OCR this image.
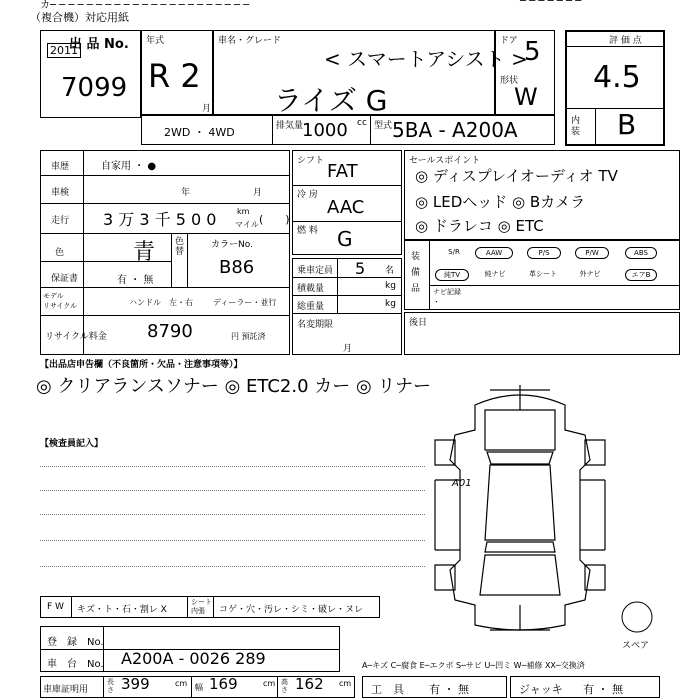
カ─ ─ ─ ─ ─ ─ ─ ─ ─ ─ ─ ─ ─ ─ ─ ─ ─ ─ ─ ─ ─ ─
（複合機）対応用紙
─ ─ ─ ─ ─ ─ ─
出 品 No.
2011
7099
年式
R 2
月
車名・グレード
< スマートアシスト >
ライズ G
ドア 5
形状
W
評 価 点
4.5
内装 B
2WD ・ 4WD	排気量
1000 cc 型式 5BA - A200A
車歴	自家用 ・ ●
車検	年	月
走行 3 万 3 千 5 0 0	km
マイル (　　)
色	青 色
替
カラーNo.
B86
保証書	有 ・ 無
モデル
リサイクル	ハンドル　左・右	ディーラー・並行
リサイクル料金 8790	円 預託済
シフト FAT
冷 房
AAC
燃 料 G
乗車定員 5 名
積載量	kg
総重量	kg
名変期限
月
セールスポイント
◎ ディスプレイオーディオ TV
◎ LEDヘッド ◎ Bカメラ
◎ ドラレコ ◎ ETC
装
備
品
S/R	AAW	P/S	P/W	ABS
純TV	純ナビ	革シート	外ナビ	エアB
ナビ記録
・
後日
【出品店申告欄（不良箇所・欠品・注意事項等）】
◎ クリアランスソナー ◎ ETC2.0 カー ◎ リナー
【検査員記入】
A01
スペア
F W キズ・ト・石・割レ X
シート
内張	コゲ・穴・汚レ・シミ・破レ・ヌレ
登　録　No.
車　台　No. A200A - 0026 289	A─キズ C─腐食 E─エクボ S─サビ U─凹ミ W─補修 XX─交換済
車庫証明用
長さ 399	cm 幅 169	cm 高さ 162 cm 工　具 有 ・ 無	ジャッキ 有 ・ 無
